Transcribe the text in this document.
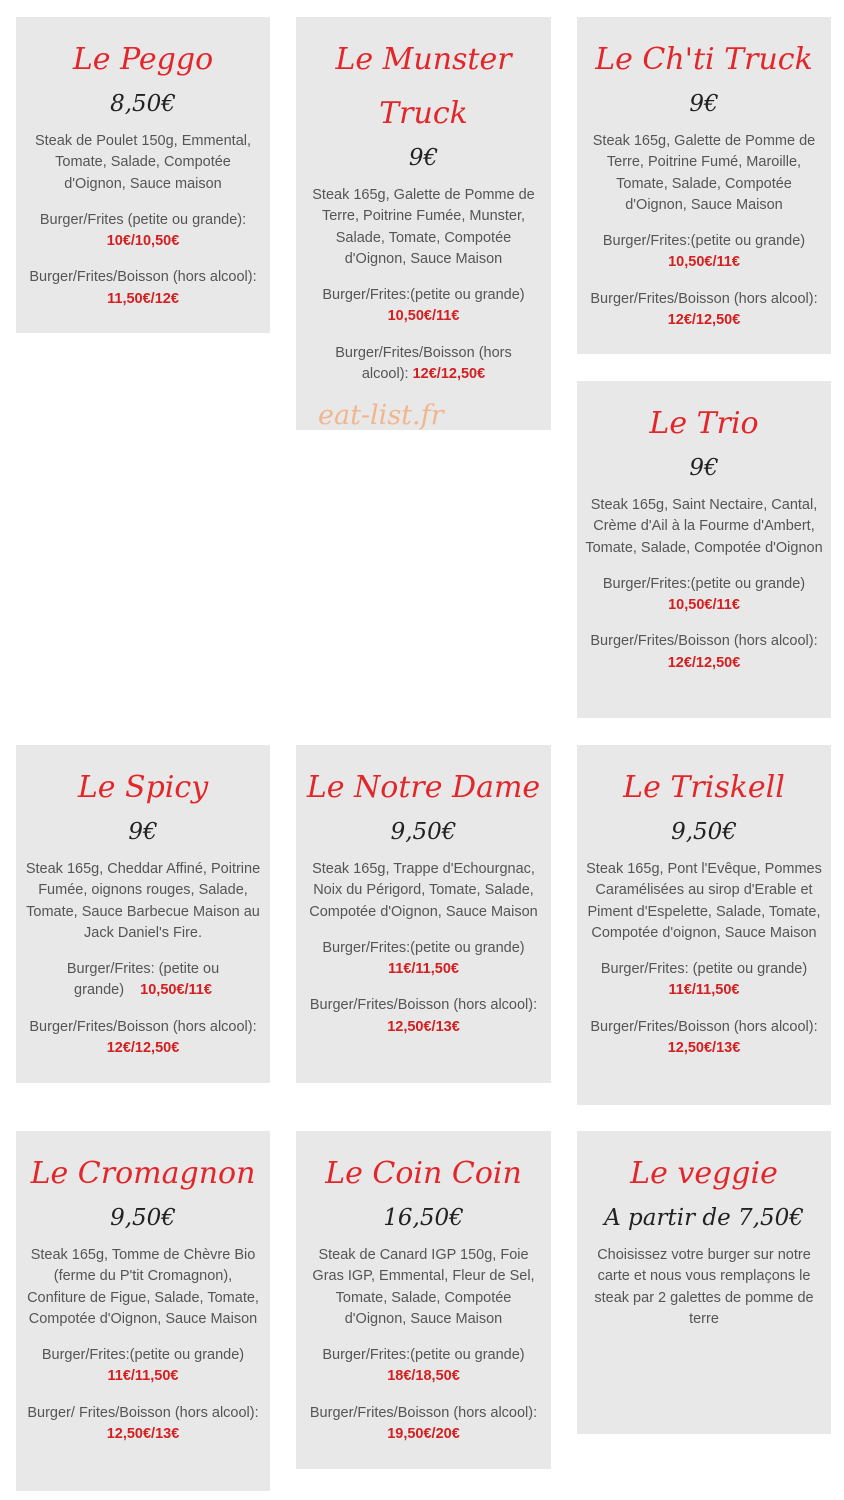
Le Peggo
8,50€
Steak de Poulet 150g, Emmental, Tomate, Salade, Compotée d'Oignon, Sauce maison
Burger/Frites (petite ou grande):
10€/10,50€
Burger/Frites/Boisson (hors alcool): 11,50€/12€
Le Munster Truck
9€
Steak 165g, Galette de Pomme de Terre, Poitrine Fumée, Munster, Salade, Tomate, Compotée d'Oignon, Sauce Maison
Burger/Frites:(petite ou grande)
10,50€/11€
Burger/Frites/Boisson (hors alcool): 12€/12,50€
Le Ch'ti Truck
9€
Steak 165g, Galette de Pomme de Terre, Poitrine Fumé, Maroille, Tomate, Salade, Compotée d'Oignon, Sauce Maison
Burger/Frites:(petite ou grande)
10,50€/11€
Burger/Frites/Boisson (hors alcool): 12€/12,50€
Le Trio
9€
Steak 165g, Saint Nectaire, Cantal, Crème d'Ail à la Fourme d'Ambert, Tomate, Salade, Compotée d'Oignon
Burger/Frites:(petite ou grande)
10,50€/11€
Burger/Frites/Boisson (hors alcool): 12€/12,50€
Le Spicy
9€
Steak 165g, Cheddar Affiné, Poitrine Fumée, oignons rouges, Salade, Tomate, Sauce Barbecue Maison au Jack Daniel's Fire.
Burger/Frites: (petite ou grande) 10,50€/11€
Burger/Frites/Boisson (hors alcool): 12€/12,50€
Le Notre Dame
9,50€
Steak 165g, Trappe d'Echourgnac, Noix du Périgord, Tomate, Salade, Compotée d'Oignon, Sauce Maison
Burger/Frites:(petite ou grande)
11€/11,50€
Burger/Frites/Boisson (hors alcool): 12,50€/13€
Le Triskell
9,50€
Steak 165g, Pont l'Evêque, Pommes Caramélisées au sirop d'Erable et Piment d'Espelette, Salade, Tomate, Compotée d'oignon, Sauce Maison
Burger/Frites: (petite ou grande)
11€/11,50€
Burger/Frites/Boisson (hors alcool): 12,50€/13€
Le Cromagnon
9,50€
Steak 165g, Tomme de Chèvre Bio (ferme du P'tit Cromagnon), Confiture de Figue, Salade, Tomate, Compotée d'Oignon, Sauce Maison
Burger/Frites:(petite ou grande)
11€/11,50€
Burger/ Frites/Boisson (hors alcool): 12,50€/13€
Le Coin Coin
16,50€
Steak de Canard IGP 150g, Foie Gras IGP, Emmental, Fleur de Sel, Tomate, Salade, Compotée d'Oignon, Sauce Maison
Burger/Frites:(petite ou grande)
18€/18,50€
Burger/Frites/Boisson (hors alcool): 19,50€/20€
Le veggie
A partir de 7,50€
Choisissez votre burger sur notre carte et nous vous remplaçons le steak par 2 galettes de pomme de terre
eat-list.fr
